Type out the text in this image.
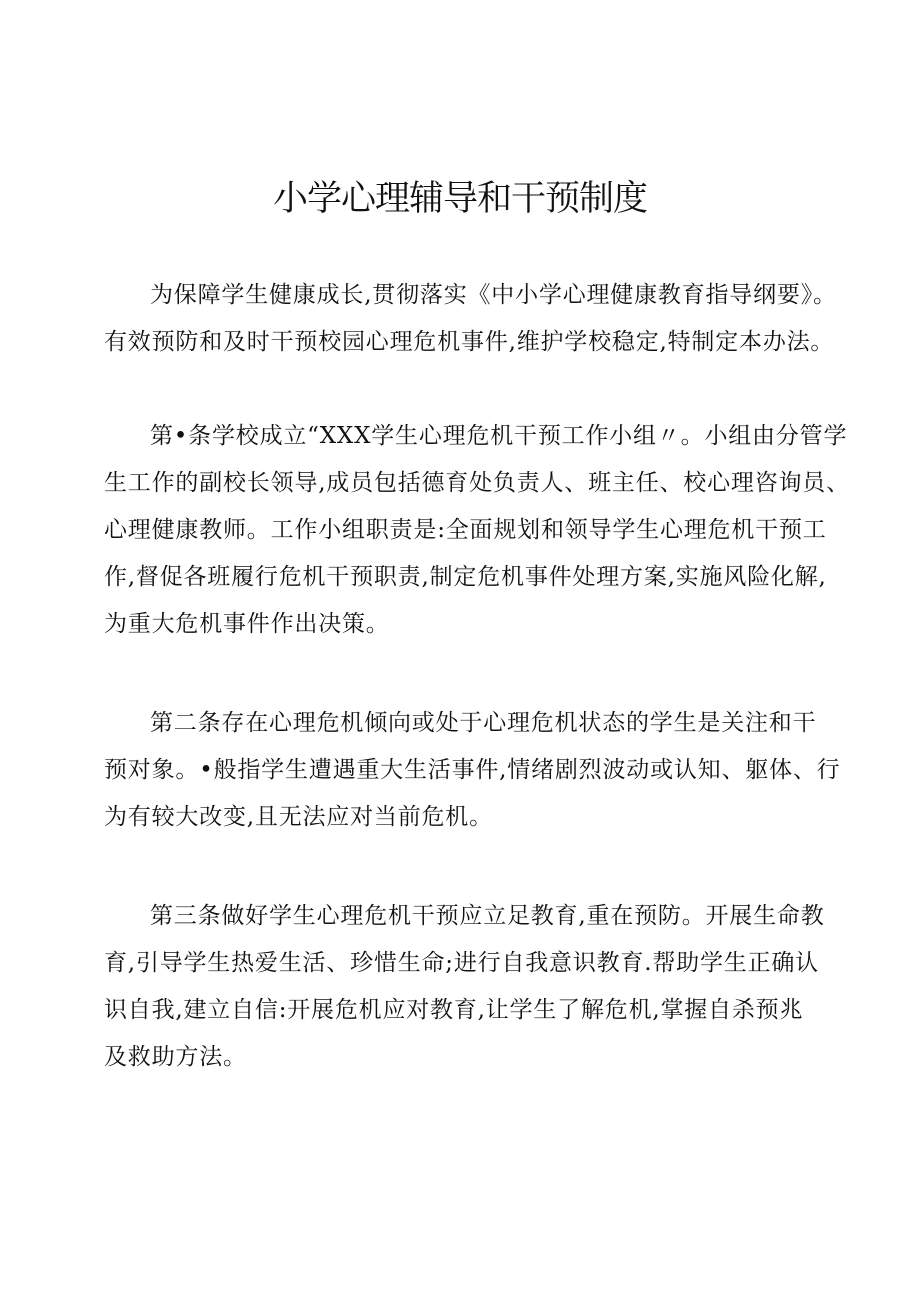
小学心理辅导和干预制度
为保障学生健康成长,贯彻落实《中小学心理健康教育指导纲要》。
有效预防和及时干预校园心理危机事件,维护学校稳定,特制定本办法。
第•条学校成立“XXX学生心理危机干预工作小组〃。小组由分管学
生工作的副校长领导,成员包括德育处负责人、班主任、校心理咨询员、
心理健康教师。工作小组职责是:全面规划和领导学生心理危机干预工
作,督促各班履行危机干预职责,制定危机事件处理方案,实施风险化解,
为重大危机事件作出决策。
第二条存在心理危机倾向或处于心理危机状态的学生是关注和干
预对象。•般指学生遭遇重大生活事件,情绪剧烈波动或认知、躯体、行
为有较大改变,且无法应对当前危机。
第三条做好学生心理危机干预应立足教育,重在预防。开展生命教
育,引导学生热爱生活、珍惜生命;进行自我意识教育.帮助学生正确认
识自我,建立自信:开展危机应对教育,让学生了解危机,掌握自杀预兆
及救助方法。
